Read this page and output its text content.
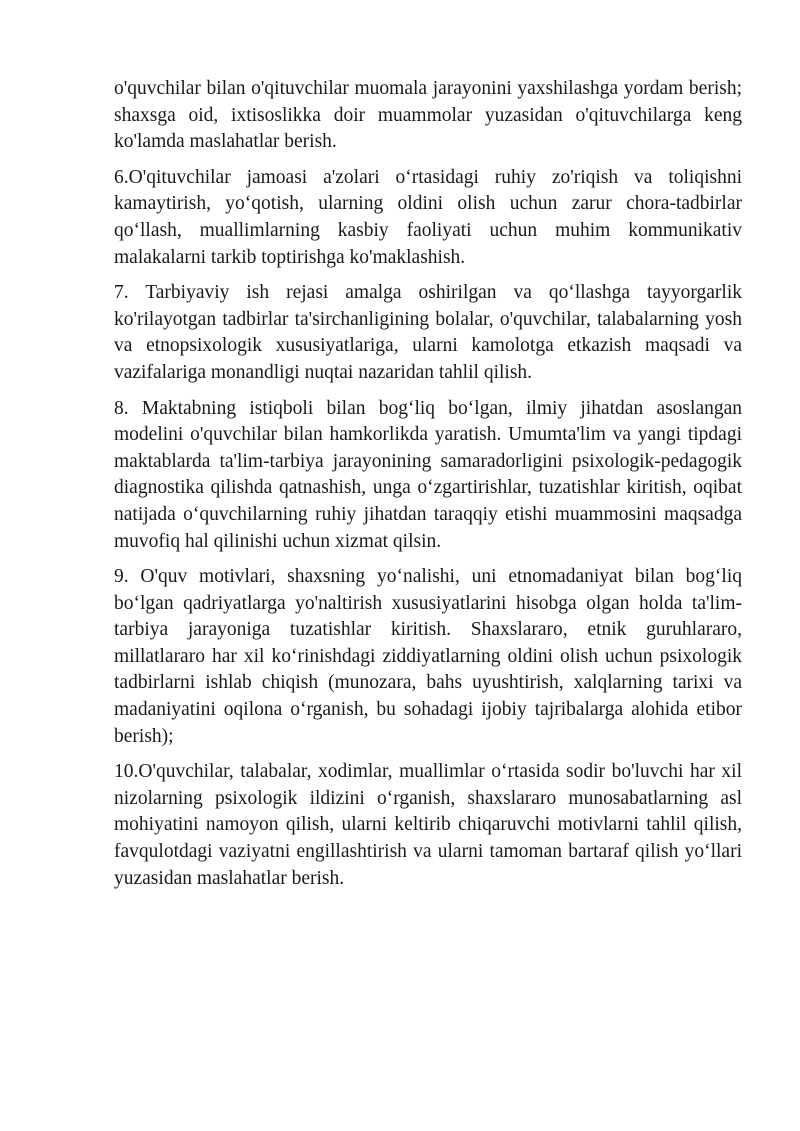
o'quvchilar bilan o'qituvchilar muomala jarayonini yaxshilashga yordam berish; shaxsga oid, ixtisoslikka doir muammolar yuzasidan o'qituvchilarga keng ko'lamda maslahatlar berish.

6.O'qituvchilar jamoasi a'zolari oʻrtasidagi ruhiy zo'riqish va toliqishni kamaytirish, yoʻqotish, ularning oldini olish uchun zarur chora-tadbirlar qoʻllash, muallimlarning kasbiy faoliyati uchun muhim kommunikativ malakalarni tarkib toptirishga ko'maklashish.

7. Tarbiyaviy ish rejasi amalga oshirilgan va qoʻllashga tayyorgarlik ko'rilayotgan tadbirlar ta'sirchanligining bolalar, o'quvchilar, talabalarning yosh va etnopsixologik xususiyatlariga, ularni kamolotga etkazish maqsadi va vazifalariga monandligi nuqtai nazaridan tahlil qilish.

8. Maktabning istiqboli bilan bogʻliq boʻlgan, ilmiy jihatdan asoslangan modelini o'quvchilar bilan hamkorlikda yaratish. Umumta'lim va yangi tipdagi maktablarda ta'lim-tarbiya jarayonining samaradorligini psixologik-pedagogik diagnostika qilishda qatnashish, unga oʻzgartirishlar, tuzatishlar kiritish, oqibat natijada oʻquvchilarning ruhiy jihatdan taraqqiy etishi muammosini maqsadga muvofiq hal qilinishi uchun xizmat qilsin.

9. O'quv motivlari, shaxsning yoʻnalishi, uni etnomadaniyat bilan bogʻliq boʻlgan qadriyatlarga yo'naltirish xususiyatlarini hisobga olgan holda ta'lim-tarbiya jarayoniga tuzatishlar kiritish. Shaxslararo, etnik guruhlararo, millatlararo har xil koʻrinishdagi ziddiyatlarning oldini olish uchun psixologik tadbirlarni ishlab chiqish (munozara, bahs uyushtirish, xalqlarning tarixi va madaniyatini oqilona oʻrganish, bu sohadagi ijobiy tajribalarga alohida etibor berish);

10.O'quvchilar, talabalar, xodimlar, muallimlar oʻrtasida sodir bo'luvchi har xil nizolarning psixologik ildizini oʻrganish, shaxslararo munosabatlarning asl mohiyatini namoyon qilish, ularni keltirib chiqaruvchi motivlarni tahlil qilish, favqulotdagi vaziyatni engillashtirish va ularni tamoman bartaraf qilish yoʻllari yuzasidan maslahatlar berish.
